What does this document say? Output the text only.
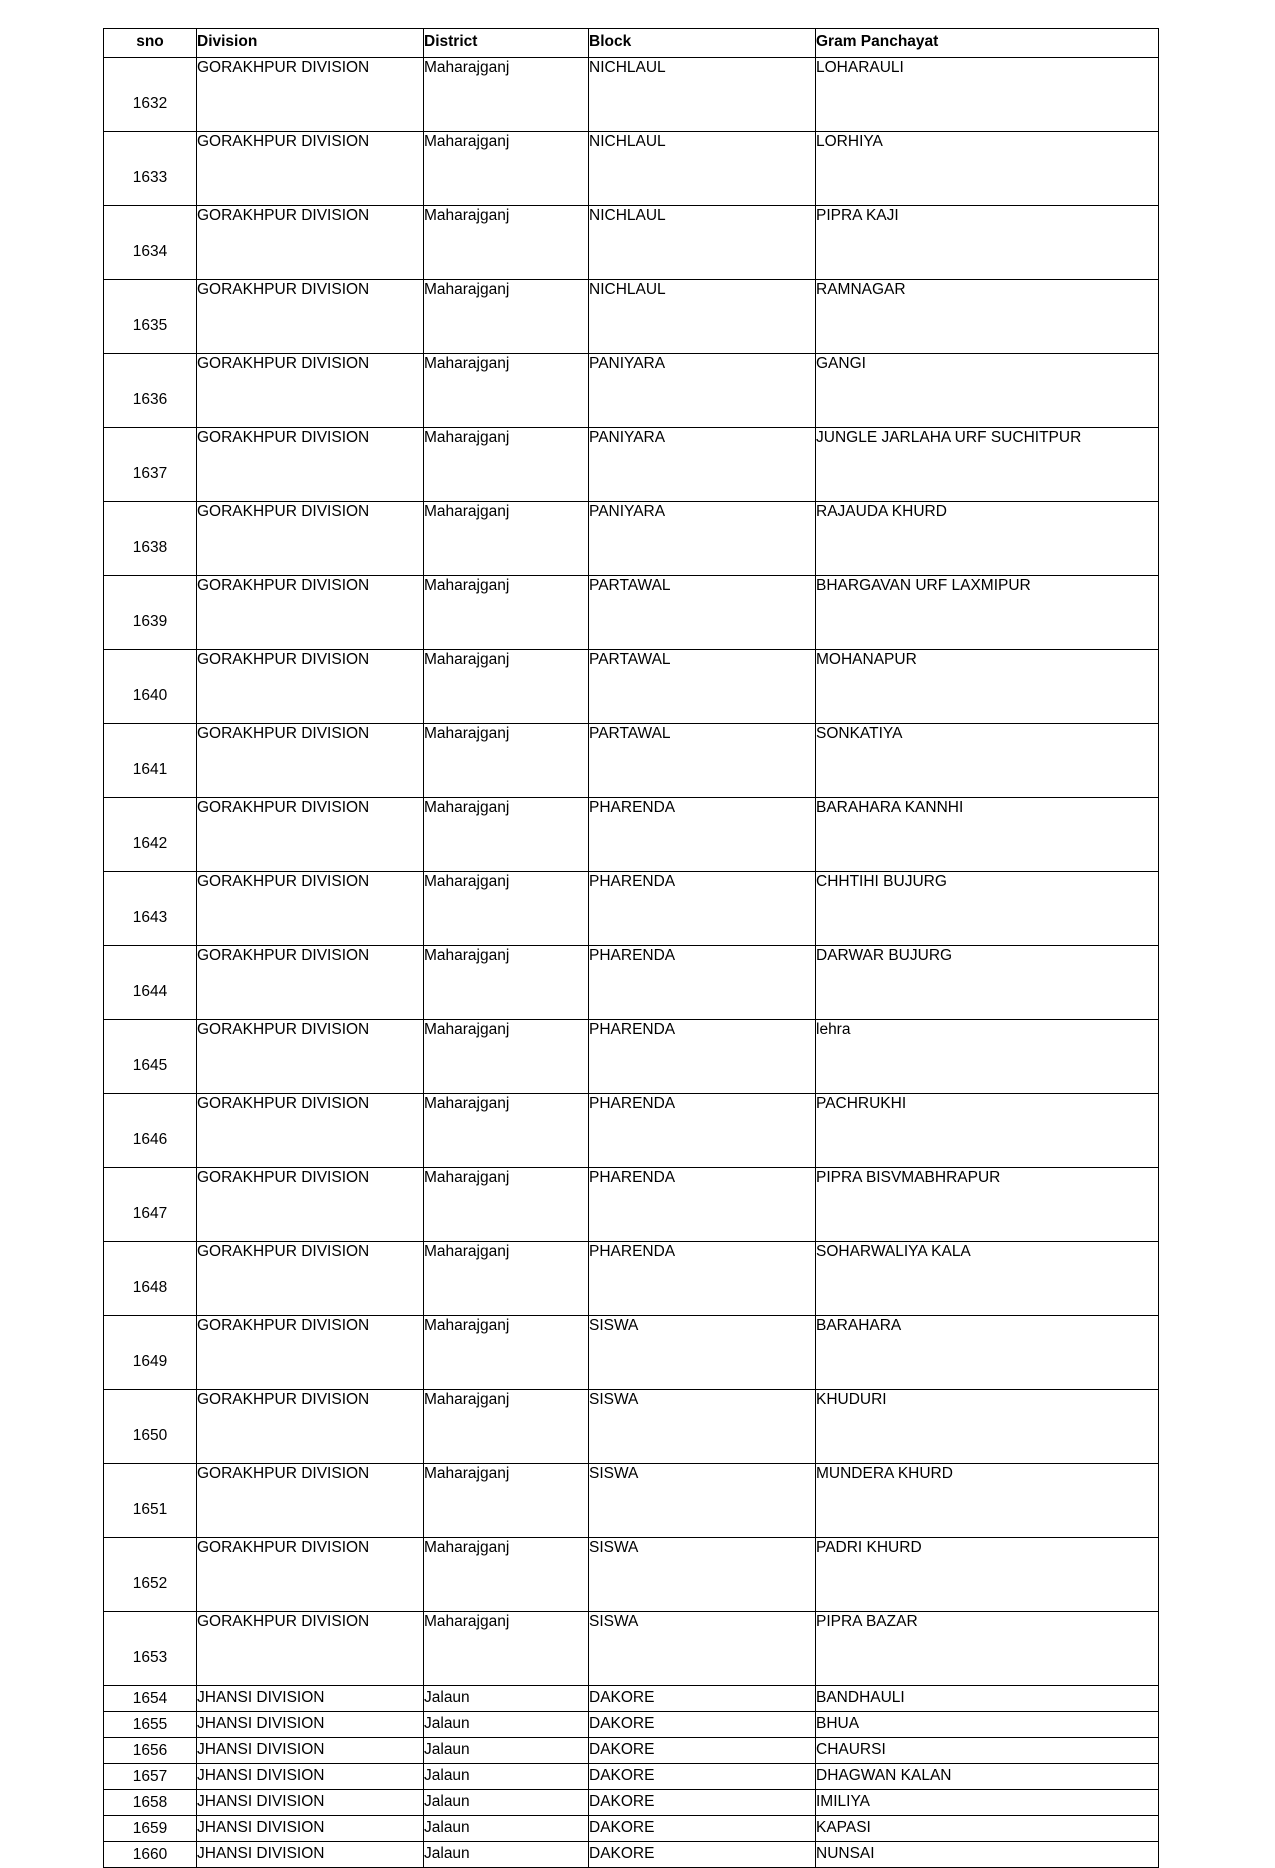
sno	Division	District	Block	Gram Panchayat
1632	GORAKHPUR DIVISION	Maharajganj	NICHLAUL	LOHARAULI
1633	GORAKHPUR DIVISION	Maharajganj	NICHLAUL	LORHIYA
1634	GORAKHPUR DIVISION	Maharajganj	NICHLAUL	PIPRA KAJI
1635	GORAKHPUR DIVISION	Maharajganj	NICHLAUL	RAMNAGAR
1636	GORAKHPUR DIVISION	Maharajganj	PANIYARA	GANGI
1637	GORAKHPUR DIVISION	Maharajganj	PANIYARA	JUNGLE JARLAHA URF SUCHITPUR
1638	GORAKHPUR DIVISION	Maharajganj	PANIYARA	RAJAUDA KHURD
1639	GORAKHPUR DIVISION	Maharajganj	PARTAWAL	BHARGAVAN URF LAXMIPUR
1640	GORAKHPUR DIVISION	Maharajganj	PARTAWAL	MOHANAPUR
1641	GORAKHPUR DIVISION	Maharajganj	PARTAWAL	SONKATIYA
1642	GORAKHPUR DIVISION	Maharajganj	PHARENDA	BARAHARA KANNHI
1643	GORAKHPUR DIVISION	Maharajganj	PHARENDA	CHHTIHI BUJURG
1644	GORAKHPUR DIVISION	Maharajganj	PHARENDA	DARWAR BUJURG
1645	GORAKHPUR DIVISION	Maharajganj	PHARENDA	lehra
1646	GORAKHPUR DIVISION	Maharajganj	PHARENDA	PACHRUKHI
1647	GORAKHPUR DIVISION	Maharajganj	PHARENDA	PIPRA BISVMABHRAPUR
1648	GORAKHPUR DIVISION	Maharajganj	PHARENDA	SOHARWALIYA KALA
1649	GORAKHPUR DIVISION	Maharajganj	SISWA	BARAHARA
1650	GORAKHPUR DIVISION	Maharajganj	SISWA	KHUDURI
1651	GORAKHPUR DIVISION	Maharajganj	SISWA	MUNDERA KHURD
1652	GORAKHPUR DIVISION	Maharajganj	SISWA	PADRI KHURD
1653	GORAKHPUR DIVISION	Maharajganj	SISWA	PIPRA BAZAR
1654	JHANSI DIVISION	Jalaun	DAKORE	BANDHAULI
1655	JHANSI DIVISION	Jalaun	DAKORE	BHUA
1656	JHANSI DIVISION	Jalaun	DAKORE	CHAURSI
1657	JHANSI DIVISION	Jalaun	DAKORE	DHAGWAN KALAN
1658	JHANSI DIVISION	Jalaun	DAKORE	IMILIYA
1659	JHANSI DIVISION	Jalaun	DAKORE	KAPASI
1660	JHANSI DIVISION	Jalaun	DAKORE	NUNSAI
